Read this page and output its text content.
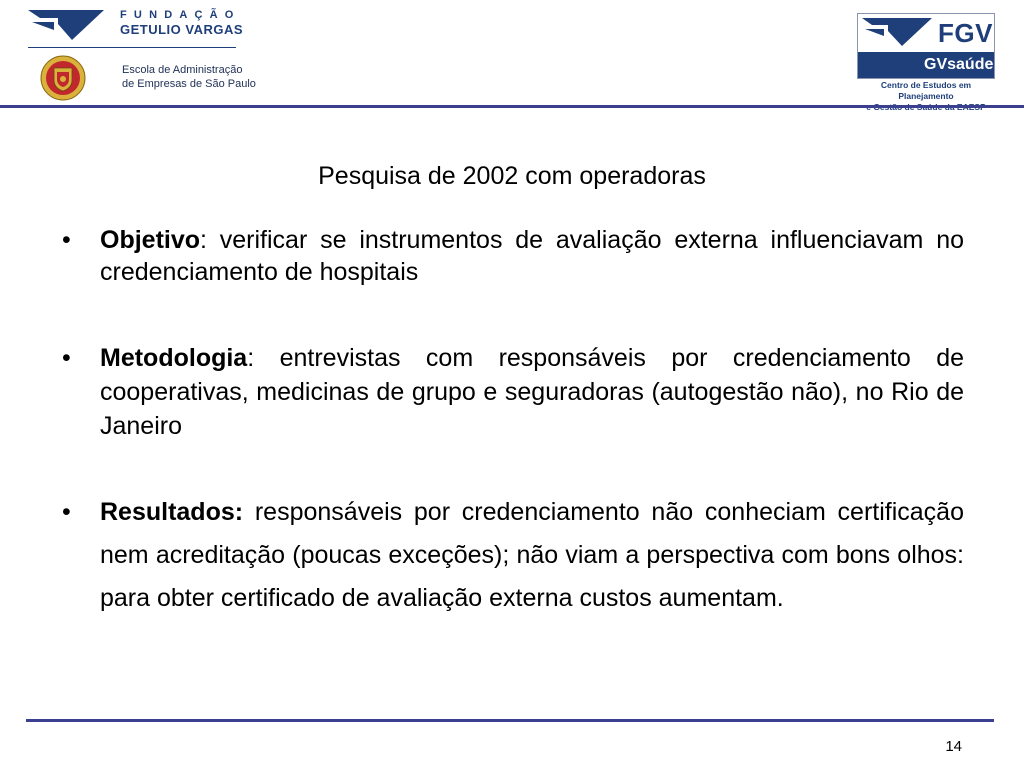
FUNDAÇÃO
GETULIO VARGAS
Escola de Administração
de Empresas de São Paulo
FGV
GVsaúde
Centro de Estudos em Planejamento
Pesquisa de 2002 com operadoras
• Objetivo: verificar se instrumentos de avaliação externa influenciavam no credenciamento de hospitais
• Metodologia: entrevistas com responsáveis por credenciamento de cooperativas, medicinas de grupo e seguradoras (autogestão não), no Rio de Janeiro
• Resultados: responsáveis por credenciamento não conheciam certificação nem acreditação (poucas exceções); não viam a perspectiva com bons olhos: para obter certificado de avaliação externa custos aumentam.
14
